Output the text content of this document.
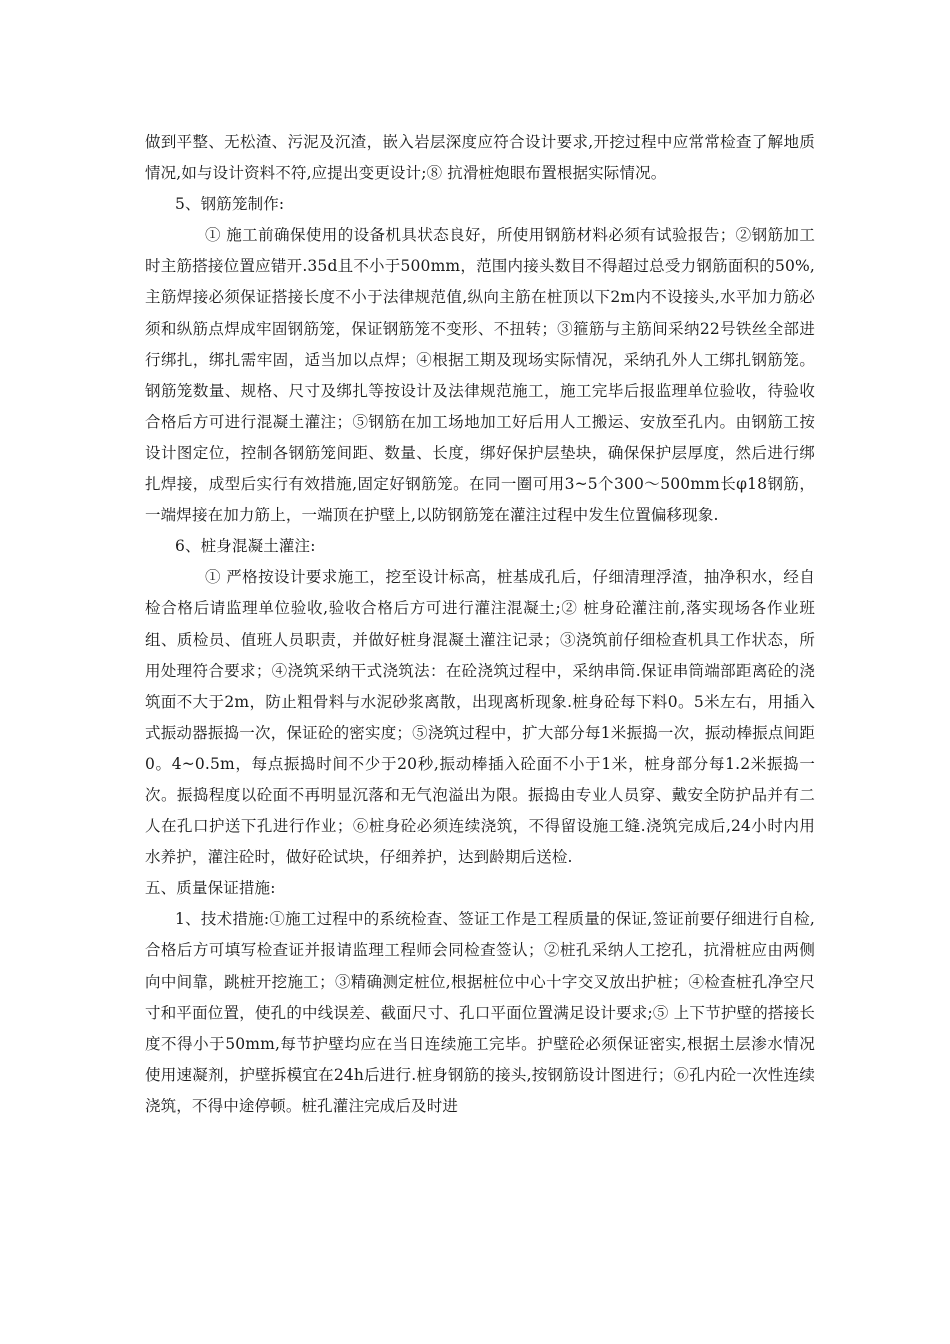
做到平整、无松渣、污泥及沉渣，嵌入岩层深度应符合设计要求,开挖过程中应常常检查了解地质情况,如与设计资料不符,应提出变更设计;⑧ 抗滑桩炮眼布置根据实际情况。

5、钢筋笼制作:

① 施工前确保使用的设备机具状态良好，所使用钢筋材料必须有试验报告；②钢筋加工时主筋搭接位置应错开.35d且不小于500mm，范围内接头数目不得超过总受力钢筋面积的50%,主筋焊接必须保证搭接长度不小于法律规范值,纵向主筋在桩顶以下2m内不设接头,水平加力筋必须和纵筋点焊成牢固钢筋笼，保证钢筋笼不变形、不扭转；③箍筋与主筋间采纳22号铁丝全部进行绑扎，绑扎需牢固，适当加以点焊；④根据工期及现场实际情况，采纳孔外人工绑扎钢筋笼。钢筋笼数量、规格、尺寸及绑扎等按设计及法律规范施工，施工完毕后报监理单位验收，待验收合格后方可进行混凝土灌注；⑤钢筋在加工场地加工好后用人工搬运、安放至孔内。由钢筋工按设计图定位，控制各钢筋笼间距、数量、长度，绑好保护层垫块，确保保护层厚度，然后进行绑扎焊接，成型后实行有效措施,固定好钢筋笼。在同一圈可用3~5个300～500mm长φ18钢筋，一端焊接在加力筋上，一端顶在护壁上,以防钢筋笼在灌注过程中发生位置偏移现象.

6、桩身混凝土灌注:

① 严格按设计要求施工，挖至设计标高，桩基成孔后，仔细清理浮渣，抽净积水，经自检合格后请监理单位验收,验收合格后方可进行灌注混凝土;② 桩身砼灌注前,落实现场各作业班组、质检员、值班人员职责，并做好桩身混凝土灌注记录；③浇筑前仔细检查机具工作状态，所用处理符合要求；④浇筑采纳干式浇筑法：在砼浇筑过程中，采纳串筒.保证串筒端部距离砼的浇筑面不大于2m，防止粗骨料与水泥砂浆离散，出现离析现象.桩身砼每下料0。5米左右，用插入式振动器振捣一次，保证砼的密实度；⑤浇筑过程中，扩大部分每1米振捣一次，振动棒振点间距0。4~0.5m，每点振捣时间不少于20秒,振动棒插入砼面不小于1米，桩身部分每1.2米振捣一次。振捣程度以砼面不再明显沉落和无气泡溢出为限。振捣由专业人员穿、戴安全防护品并有二人在孔口护送下孔进行作业；⑥桩身砼必须连续浇筑，不得留设施工缝.浇筑完成后,24小时内用水养护，灌注砼时，做好砼试块，仔细养护，达到龄期后送检.

五、质量保证措施:

1、技术措施:①施工过程中的系统检查、签证工作是工程质量的保证,签证前要仔细进行自检,合格后方可填写检查证并报请监理工程师会同检查签认；②桩孔采纳人工挖孔，抗滑桩应由两侧向中间靠，跳桩开挖施工；③精确测定桩位,根据桩位中心十字交叉放出护桩；④检查桩孔净空尺寸和平面位置，使孔的中线误差、截面尺寸、孔口平面位置满足设计要求;⑤ 上下节护壁的搭接长度不得小于50mm,每节护壁均应在当日连续施工完毕。护壁砼必须保证密实,根据土层渗水情况使用速凝剂，护壁拆模宜在24h后进行.桩身钢筋的接头,按钢筋设计图进行；⑥孔内砼一次性连续浇筑，不得中途停顿。桩孔灌注完成后及时进
